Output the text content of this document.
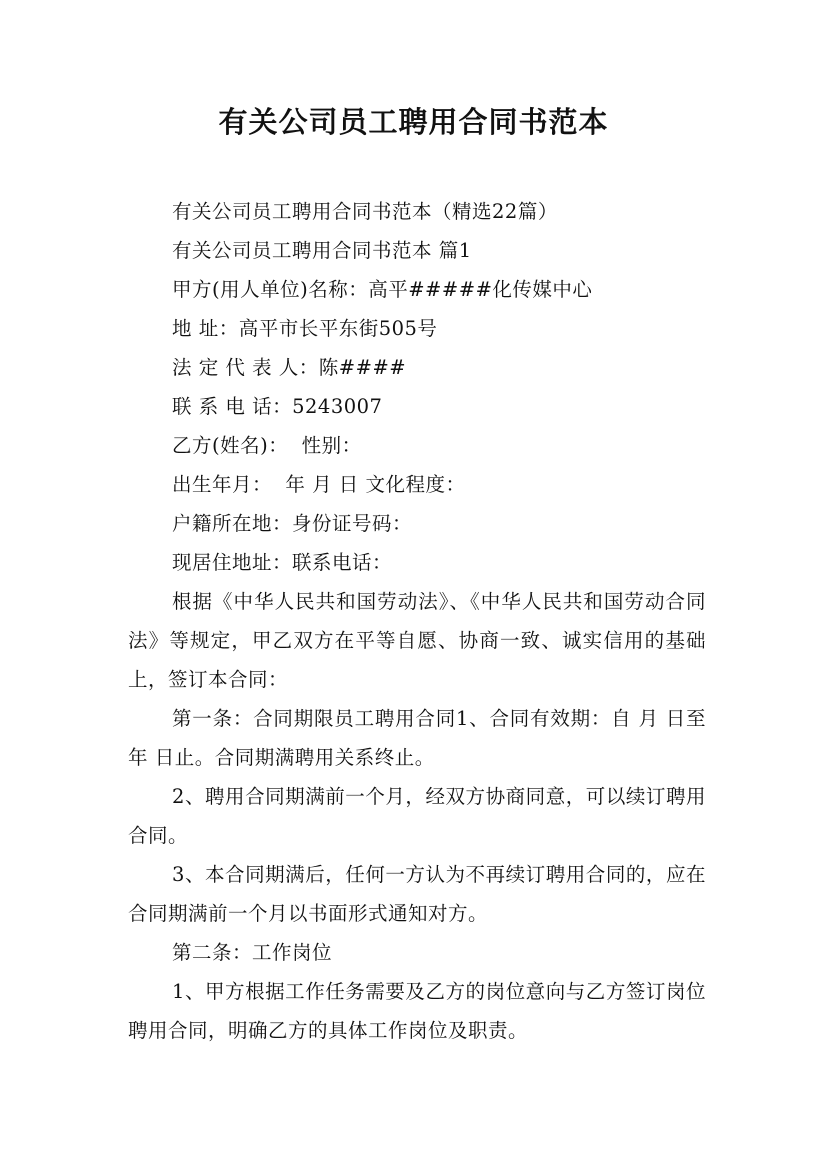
有关公司员工聘用合同书范本

有关公司员工聘用合同书范本（精选22篇）

有关公司员工聘用合同书范本 篇1

甲方(用人单位)名称：高平#####化传媒中心

地 址：高平市长平东街505号

法 定 代 表 人：陈####

联 系 电 话：5243007

乙方(姓名)：  性别：

出生年月：  年 月 日 文化程度：

户籍所在地：身份证号码：

现居住地址：联系电话：

根据《中华人民共和国劳动法》、《中华人民共和国劳动合同法》等规定，甲乙双方在平等自愿、协商一致、诚实信用的基础上，签订本合同：

第一条：合同期限员工聘用合同1、合同有效期：自 月 日至年 日止。合同期满聘用关系终止。

2、聘用合同期满前一个月，经双方协商同意，可以续订聘用合同。

3、本合同期满后，任何一方认为不再续订聘用合同的，应在合同期满前一个月以书面形式通知对方。

第二条：工作岗位

1、甲方根据工作任务需要及乙方的岗位意向与乙方签订岗位聘用合同，明确乙方的具体工作岗位及职责。
